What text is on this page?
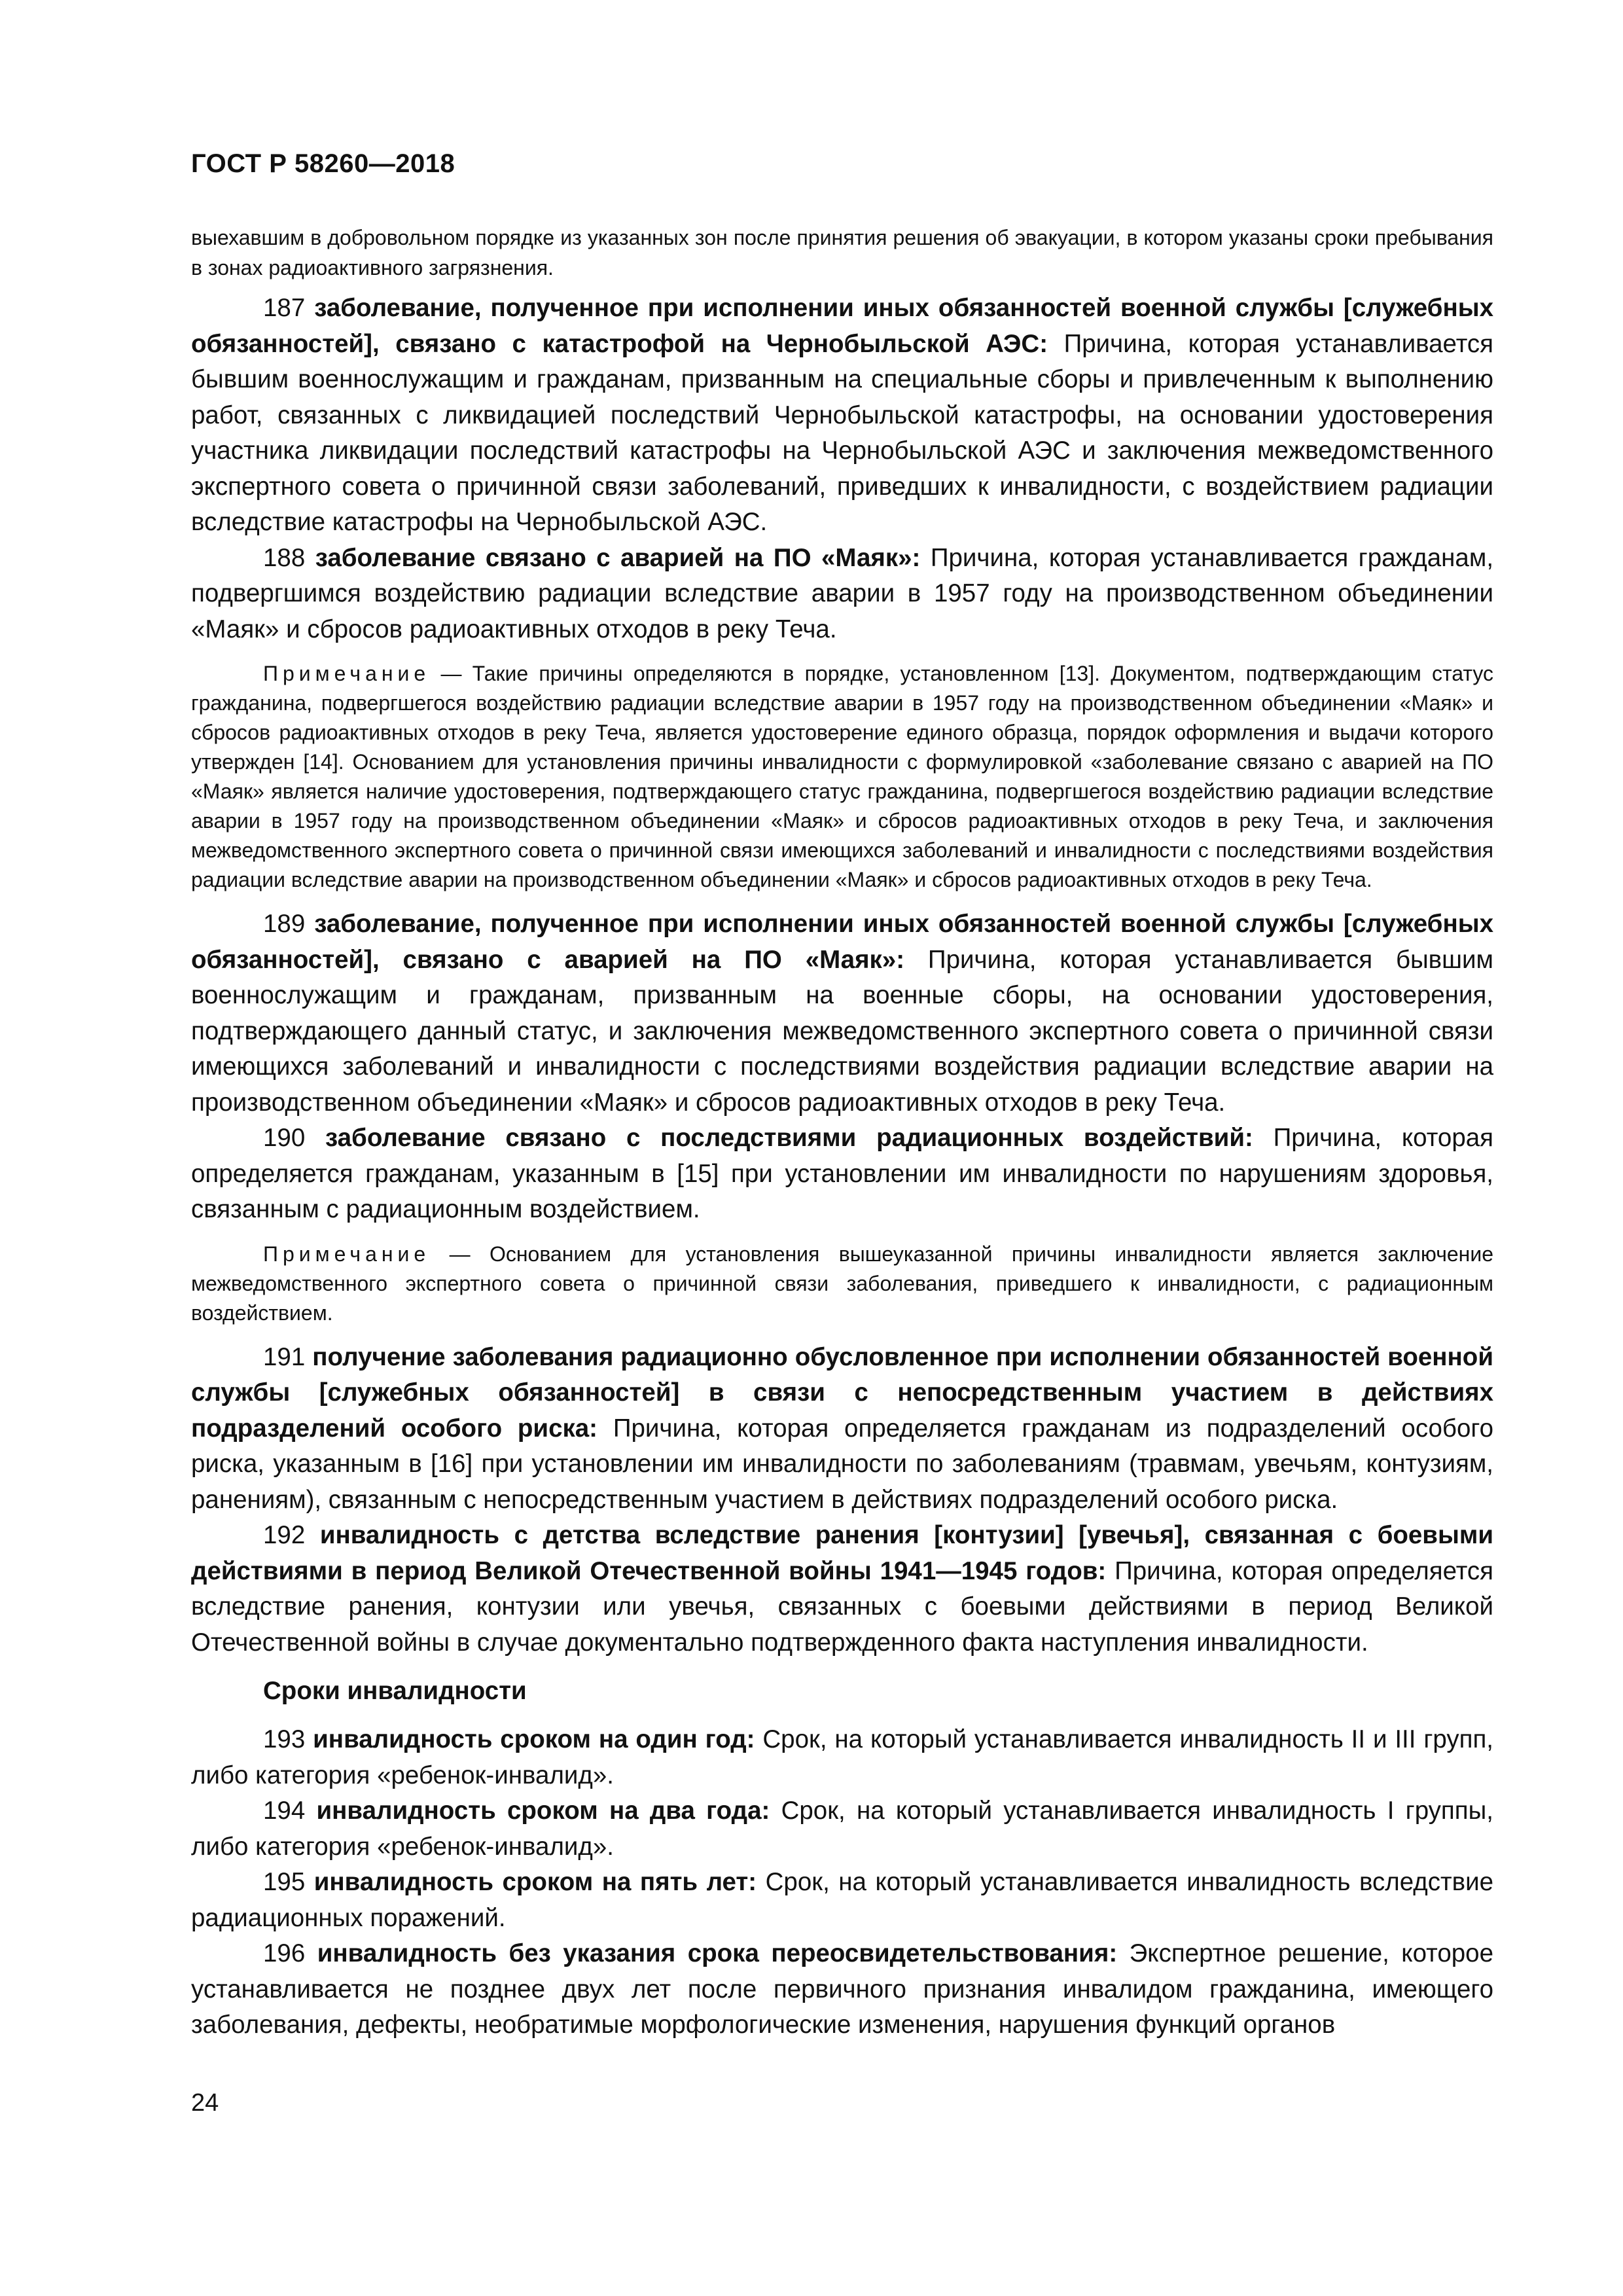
ГОСТ Р 58260—2018

выехавшим в добровольном порядке из указанных зон после принятия решения об эвакуации, в котором указаны сроки пребывания в зонах радиоактивного загрязнения.

187 заболевание, полученное при исполнении иных обязанностей военной службы [служебных обязанностей], связано с катастрофой на Чернобыльской АЭС: Причина, которая устанавливается бывшим военнослужащим и гражданам, призванным на специальные сборы и привлеченным к выполнению работ, связанных с ликвидацией последствий Чернобыльской катастрофы, на основании удостоверения участника ликвидации последствий катастрофы на Чернобыльской АЭС и заключения межведомственного экспертного совета о причинной связи заболеваний, приведших к инвалидности, с воздействием радиации вследствие катастрофы на Чернобыльской АЭС.

188 заболевание связано с аварией на ПО «Маяк»: Причина, которая устанавливается гражданам, подвергшимся воздействию радиации вследствие аварии в 1957 году на производственном объединении «Маяк» и сбросов радиоактивных отходов в реку Теча.

Примечание — Такие причины определяются в порядке, установленном [13]. Документом, подтверждающим статус гражданина, подвергшегося воздействию радиации вследствие аварии в 1957 году на производственном объединении «Маяк» и сбросов радиоактивных отходов в реку Теча, является удостоверение единого образца, порядок оформления и выдачи которого утвержден [14]. Основанием для установления причины инвалидности с формулировкой «заболевание связано с аварией на ПО «Маяк» является наличие удостоверения, подтверждающего статус гражданина, подвергшегося воздействию радиации вследствие аварии в 1957 году на производственном объединении «Маяк» и сбросов радиоактивных отходов в реку Теча, и заключения межведомственного экспертного совета о причинной связи имеющихся заболеваний и инвалидности с последствиями воздействия радиации вследствие аварии на производственном объединении «Маяк» и сбросов радиоактивных отходов в реку Теча.

189 заболевание, полученное при исполнении иных обязанностей военной службы [служебных обязанностей], связано с аварией на ПО «Маяк»: Причина, которая устанавливается бывшим военнослужащим и гражданам, призванным на военные сборы, на основании удостоверения, подтверждающего данный статус, и заключения межведомственного экспертного совета о причинной связи имеющихся заболеваний и инвалидности с последствиями воздействия радиации вследствие аварии на производственном объединении «Маяк» и сбросов радиоактивных отходов в реку Теча.

190 заболевание связано с последствиями радиационных воздействий: Причина, которая определяется гражданам, указанным в [15] при установлении им инвалидности по нарушениям здоровья, связанным с радиационным воздействием.

Примечание — Основанием для установления вышеуказанной причины инвалидности является заключение межведомственного экспертного совета о причинной связи заболевания, приведшего к инвалидности, с радиационным воздействием.

191 получение заболевания радиационно обусловленное при исполнении обязанностей военной службы [служебных обязанностей] в связи с непосредственным участием в действиях подразделений особого риска: Причина, которая определяется гражданам из подразделений особого риска, указанным в [16] при установлении им инвалидности по заболеваниям (травмам, увечьям, контузиям, ранениям), связанным с непосредственным участием в действиях подразделений особого риска.

192 инвалидность с детства вследствие ранения [контузии] [увечья], связанная с боевыми действиями в период Великой Отечественной войны 1941—1945 годов: Причина, которая определяется вследствие ранения, контузии или увечья, связанных с боевыми действиями в период Великой Отечественной войны в случае документально подтвержденного факта наступления инвалидности.

Сроки инвалидности

193 инвалидность сроком на один год: Срок, на который устанавливается инвалидность II и III групп, либо категория «ребенок-инвалид».

194 инвалидность сроком на два года: Срок, на который устанавливается инвалидность I группы, либо категория «ребенок-инвалид».

195 инвалидность сроком на пять лет: Срок, на который устанавливается инвалидность вследствие радиационных поражений.

196 инвалидность без указания срока переосвидетельствования: Экспертное решение, которое устанавливается не позднее двух лет после первичного признания инвалидом гражданина, имеющего заболевания, дефекты, необратимые морфологические изменения, нарушения функций органов

24
